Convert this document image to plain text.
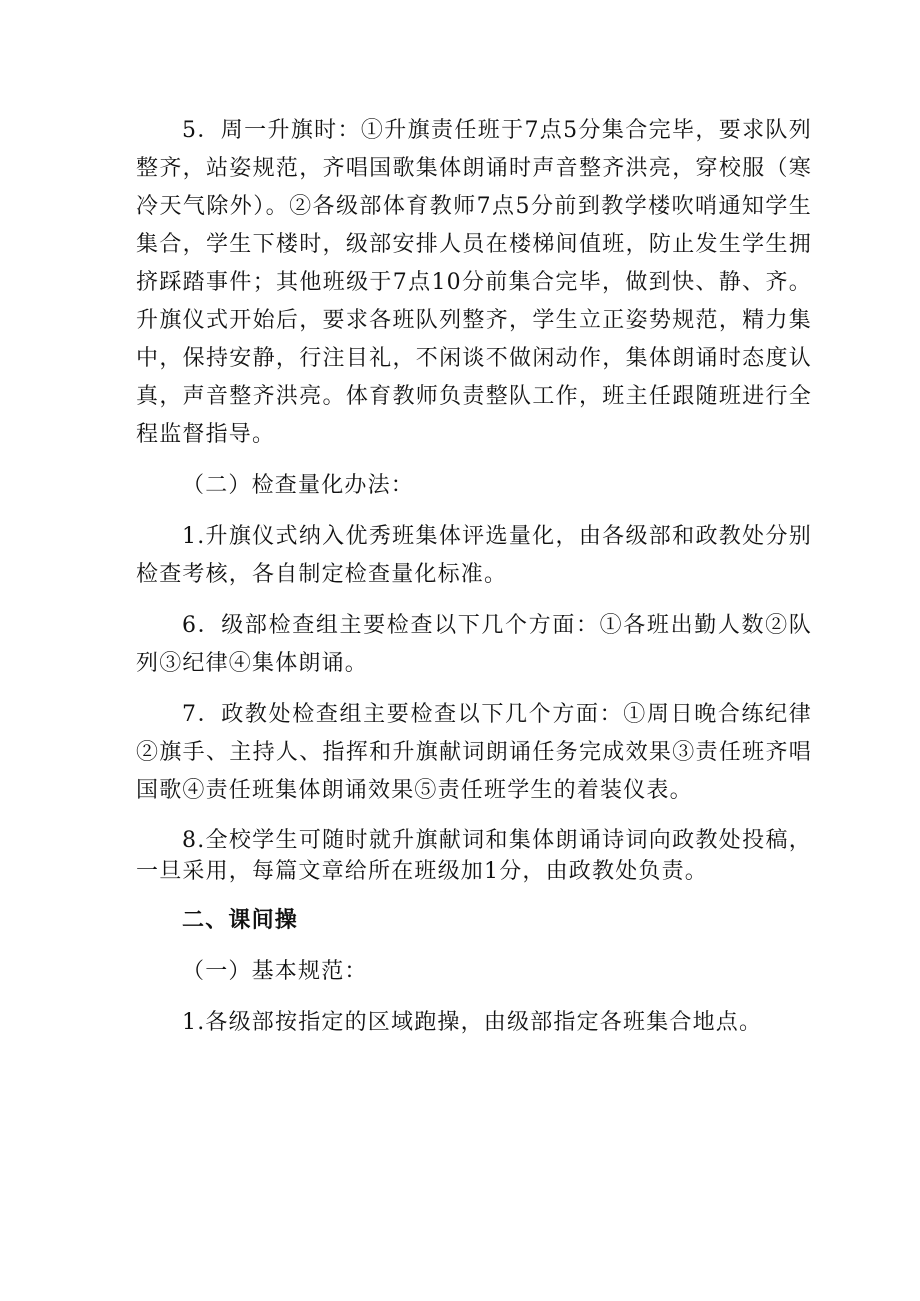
5．周一升旗时：①升旗责任班于7点5分集合完毕，要求队列整齐，站姿规范，齐唱国歌集体朗诵时声音整齐洪亮，穿校服（寒冷天气除外）。②各级部体育教师7点5分前到教学楼吹哨通知学生集合，学生下楼时，级部安排人员在楼梯间值班，防止发生学生拥挤踩踏事件；其他班级于7点10分前集合完毕，做到快、静、齐。升旗仪式开始后，要求各班队列整齐，学生立正姿势规范，精力集中，保持安静，行注目礼，不闲谈不做闲动作，集体朗诵时态度认真，声音整齐洪亮。体育教师负责整队工作，班主任跟随班进行全程监督指导。

（二）检查量化办法：

1.升旗仪式纳入优秀班集体评选量化，由各级部和政教处分别检查考核，各自制定检查量化标准。

6．级部检查组主要检查以下几个方面：①各班出勤人数②队列③纪律④集体朗诵。

7．政教处检查组主要检查以下几个方面：①周日晚合练纪律②旗手、主持人、指挥和升旗献词朗诵任务完成效果③责任班齐唱国歌④责任班集体朗诵效果⑤责任班学生的着装仪表。

8.全校学生可随时就升旗献词和集体朗诵诗词向政教处投稿，一旦采用，每篇文章给所在班级加1分，由政教处负责。

二、课间操

（一）基本规范：

1.各级部按指定的区域跑操，由级部指定各班集合地点。
